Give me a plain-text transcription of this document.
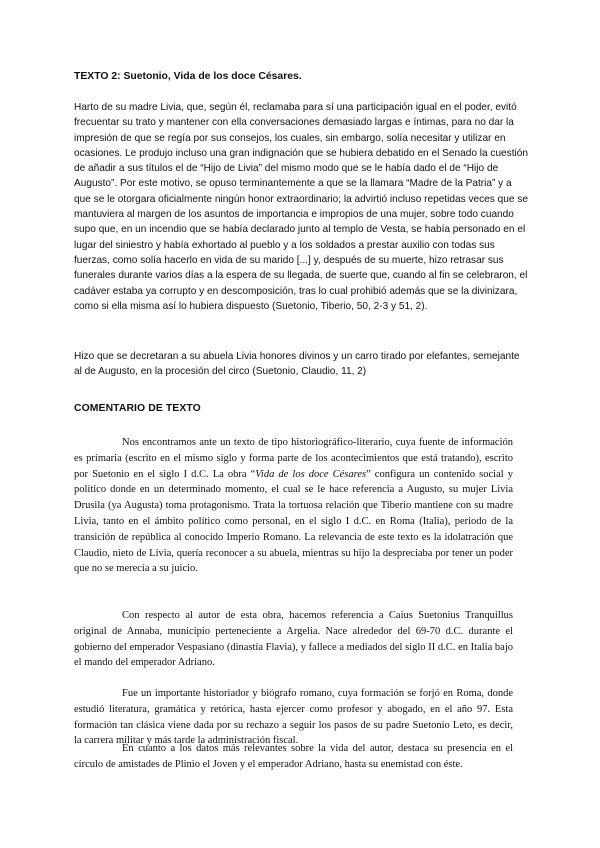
TEXTO 2: Suetonio, Vida de los doce Césares.

Harto de su madre Livia, que, según él, reclamaba para sí una participación igual en el poder, evitó frecuentar su trato y mantener con ella conversaciones demasiado largas e íntimas, para no dar la impresión de que se regía por sus consejos, los cuales, sin embargo, solía necesitar y utilizar en ocasiones. Le produjo incluso una gran indignación que se hubiera debatido en el Senado la cuestión de añadir a sus títulos el de “Hijo de Livia” del mismo modo que se le había dado el de “Hijo de Augusto”. Por este motivo, se opuso terminantemente a que se la llamara “Madre de la Patria” y a que se le otorgara oficialmente ningún honor extraordinario; la advirtió incluso repetidas veces que se mantuviera al margen de los asuntos de importancia e impropios de una mujer, sobre todo cuando supo que, en un incendio que se había declarado junto al templo de Vesta, se había personado en el lugar del siniestro y había exhortado al pueblo y a los soldados a prestar auxilio con todas sus fuerzas, como solía hacerlo en vida de su marido [...] y, después de su muerte, hizo retrasar sus funerales durante varios días a la espera de su llegada, de suerte que, cuando al fin se celebraron, el cadáver estaba ya corrupto y en descomposición, tras lo cual prohibió además que se la divinizara, como si ella misma así lo hubiera dispuesto (Suetonio, Tiberio, 50, 2-3 y 51, 2).

Hizo que se decretaran a su abuela Livia honores divinos y un carro tirado por elefantes, semejante al de Augusto, en la procesión del circo (Suetonio, Claudio, 11, 2)

COMENTARIO DE TEXTO

Nos encontramos ante un texto de tipo historiográfico-literario, cuya fuente de información es primaria (escrito en el mismo siglo y forma parte de los acontecimientos que está tratando), escrito por Suetonio en el siglo I d.C. La obra “Vida de los doce Césares” configura un contenido social y político donde en un determinado momento, el cual se le hace referencia a Augusto, su mujer Livia Drusila (ya Augusta) toma protagonismo. Trata la tortuosa relación que Tiberio mantiene con su madre Livia, tanto en el ámbito político como personal, en el siglo I d.C. en Roma (Italia), periodo de la transición de república al conocido Imperio Romano. La relevancia de este texto es la idolatración que Claudio, nieto de Livia, quería reconocer a su abuela, mientras su hijo la despreciaba por tener un poder que no se merecía a su juicio.

Con respecto al autor de esta obra, hacemos referencia a Caius Suetonius Tranquillus original de Annaba, municipio perteneciente a Argelia. Nace alrededor del 69-70 d.C. durante el gobierno del emperador Vespasiano (dinastía Flavia), y fallece a mediados del siglo II d.C. en Italia bajo el mando del emperador Adriano.

Fue un importante historiador y biógrafo romano, cuya formación se forjó en Roma, donde estudió literatura, gramática y retórica, hasta ejercer como profesor y abogado, en el año 97. Esta formación tan clásica viene dada por su rechazo a seguir los pasos de su padre Suetonio Leto, es decir, la carrera militar y más tarde la administración fiscal.

En cuanto a los datos más relevantes sobre la vida del autor, destaca su presencia en el círculo de amistades de Plinio el Joven y el emperador Adriano, hasta su enemistad con éste.
